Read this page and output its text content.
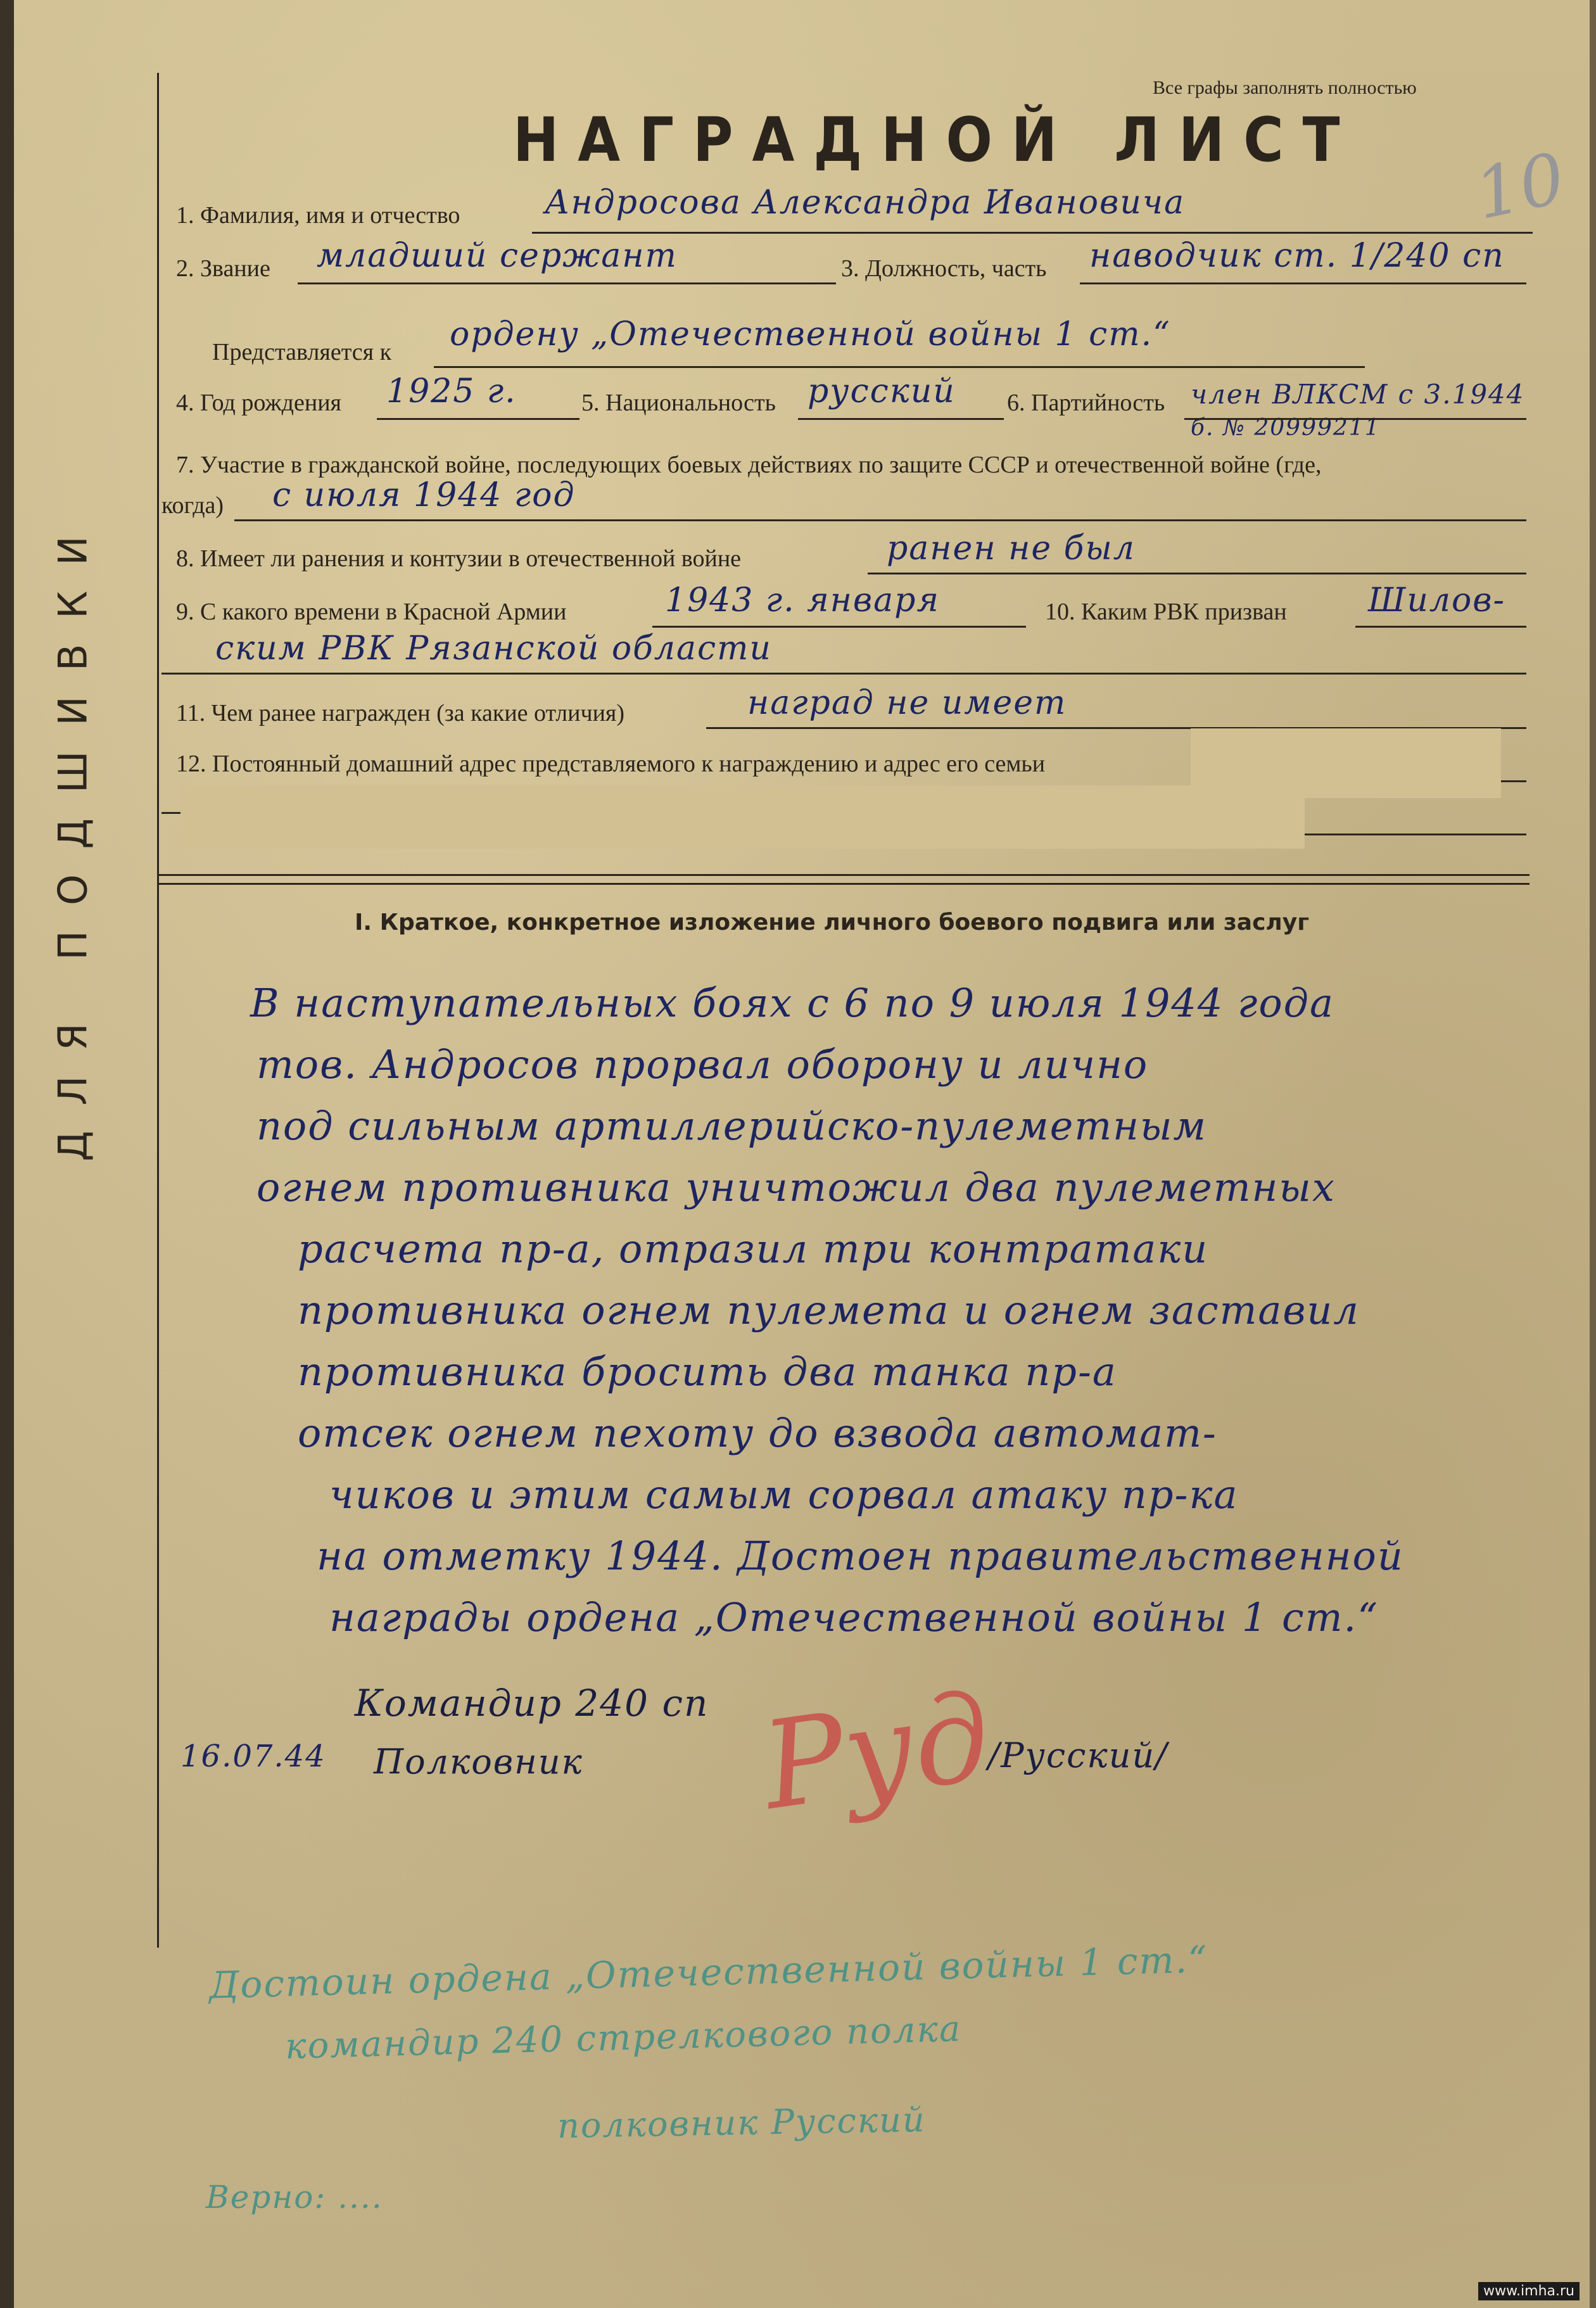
Все графы заполнять полностью
НАГРАДНОЙ ЛИСТ 10
ДЛЯ ПОДШИВКИ
1. Фамилия, имя и отчество	Андросова Александра Ивановича
2. Звание младший сержант	3. Должность, часть наводчик ст. 1/240 сп
Представляется к ордену „Отечественной войны 1 ст.“
4. Год рождения 1925 г.	5. Национальность русский 6. Партийность член ВЛКСМ с 3.1944
б. № 20999211
7. Участие в гражданской войне, последующих боевых действиях по защите СССР и отечественной войне (где,
когда) с июля 1944 год
8. Имеет ли ранения и контузии в отечественной войне	ранен не был
9. С какого времени в Красной Армии	1943 г. января	10. Каким РВК призван Шилов-
ским РВК Рязанской области
11. Чем ранее награжден (за какие отличия)	наград не имеет
12. Постоянный домашний адрес представляемого к награждению и адрес его семьи
I. Краткое, конкретное изложение личного боевого подвига или заслуг
В наступательных боях с 6 по 9 июля 1944 года
тов. Андросов прорвал оборону и лично
под сильным артиллерийско-пулеметным
огнем противника уничтожил два пулеметных
расчета пр-а, отразил три контратаки
противника огнем пулемета и огнем заставил
противника бросить два танка пр-а
отсек огнем пехоту до взвода автомат-
чиков и этим самым сорвал атаку пр-ка
на отметку 1944. Достоен правительственной
награды ордена „Отечественной войны 1 ст.“
Командир 240 сп
16.07.44 Полковник	/Русский/
Руд
Достоин ордена „Отечественной войны 1 ст.“
командир 240 стрелкового полка
полковник Русский
Верно: ....
www.imha.ru
